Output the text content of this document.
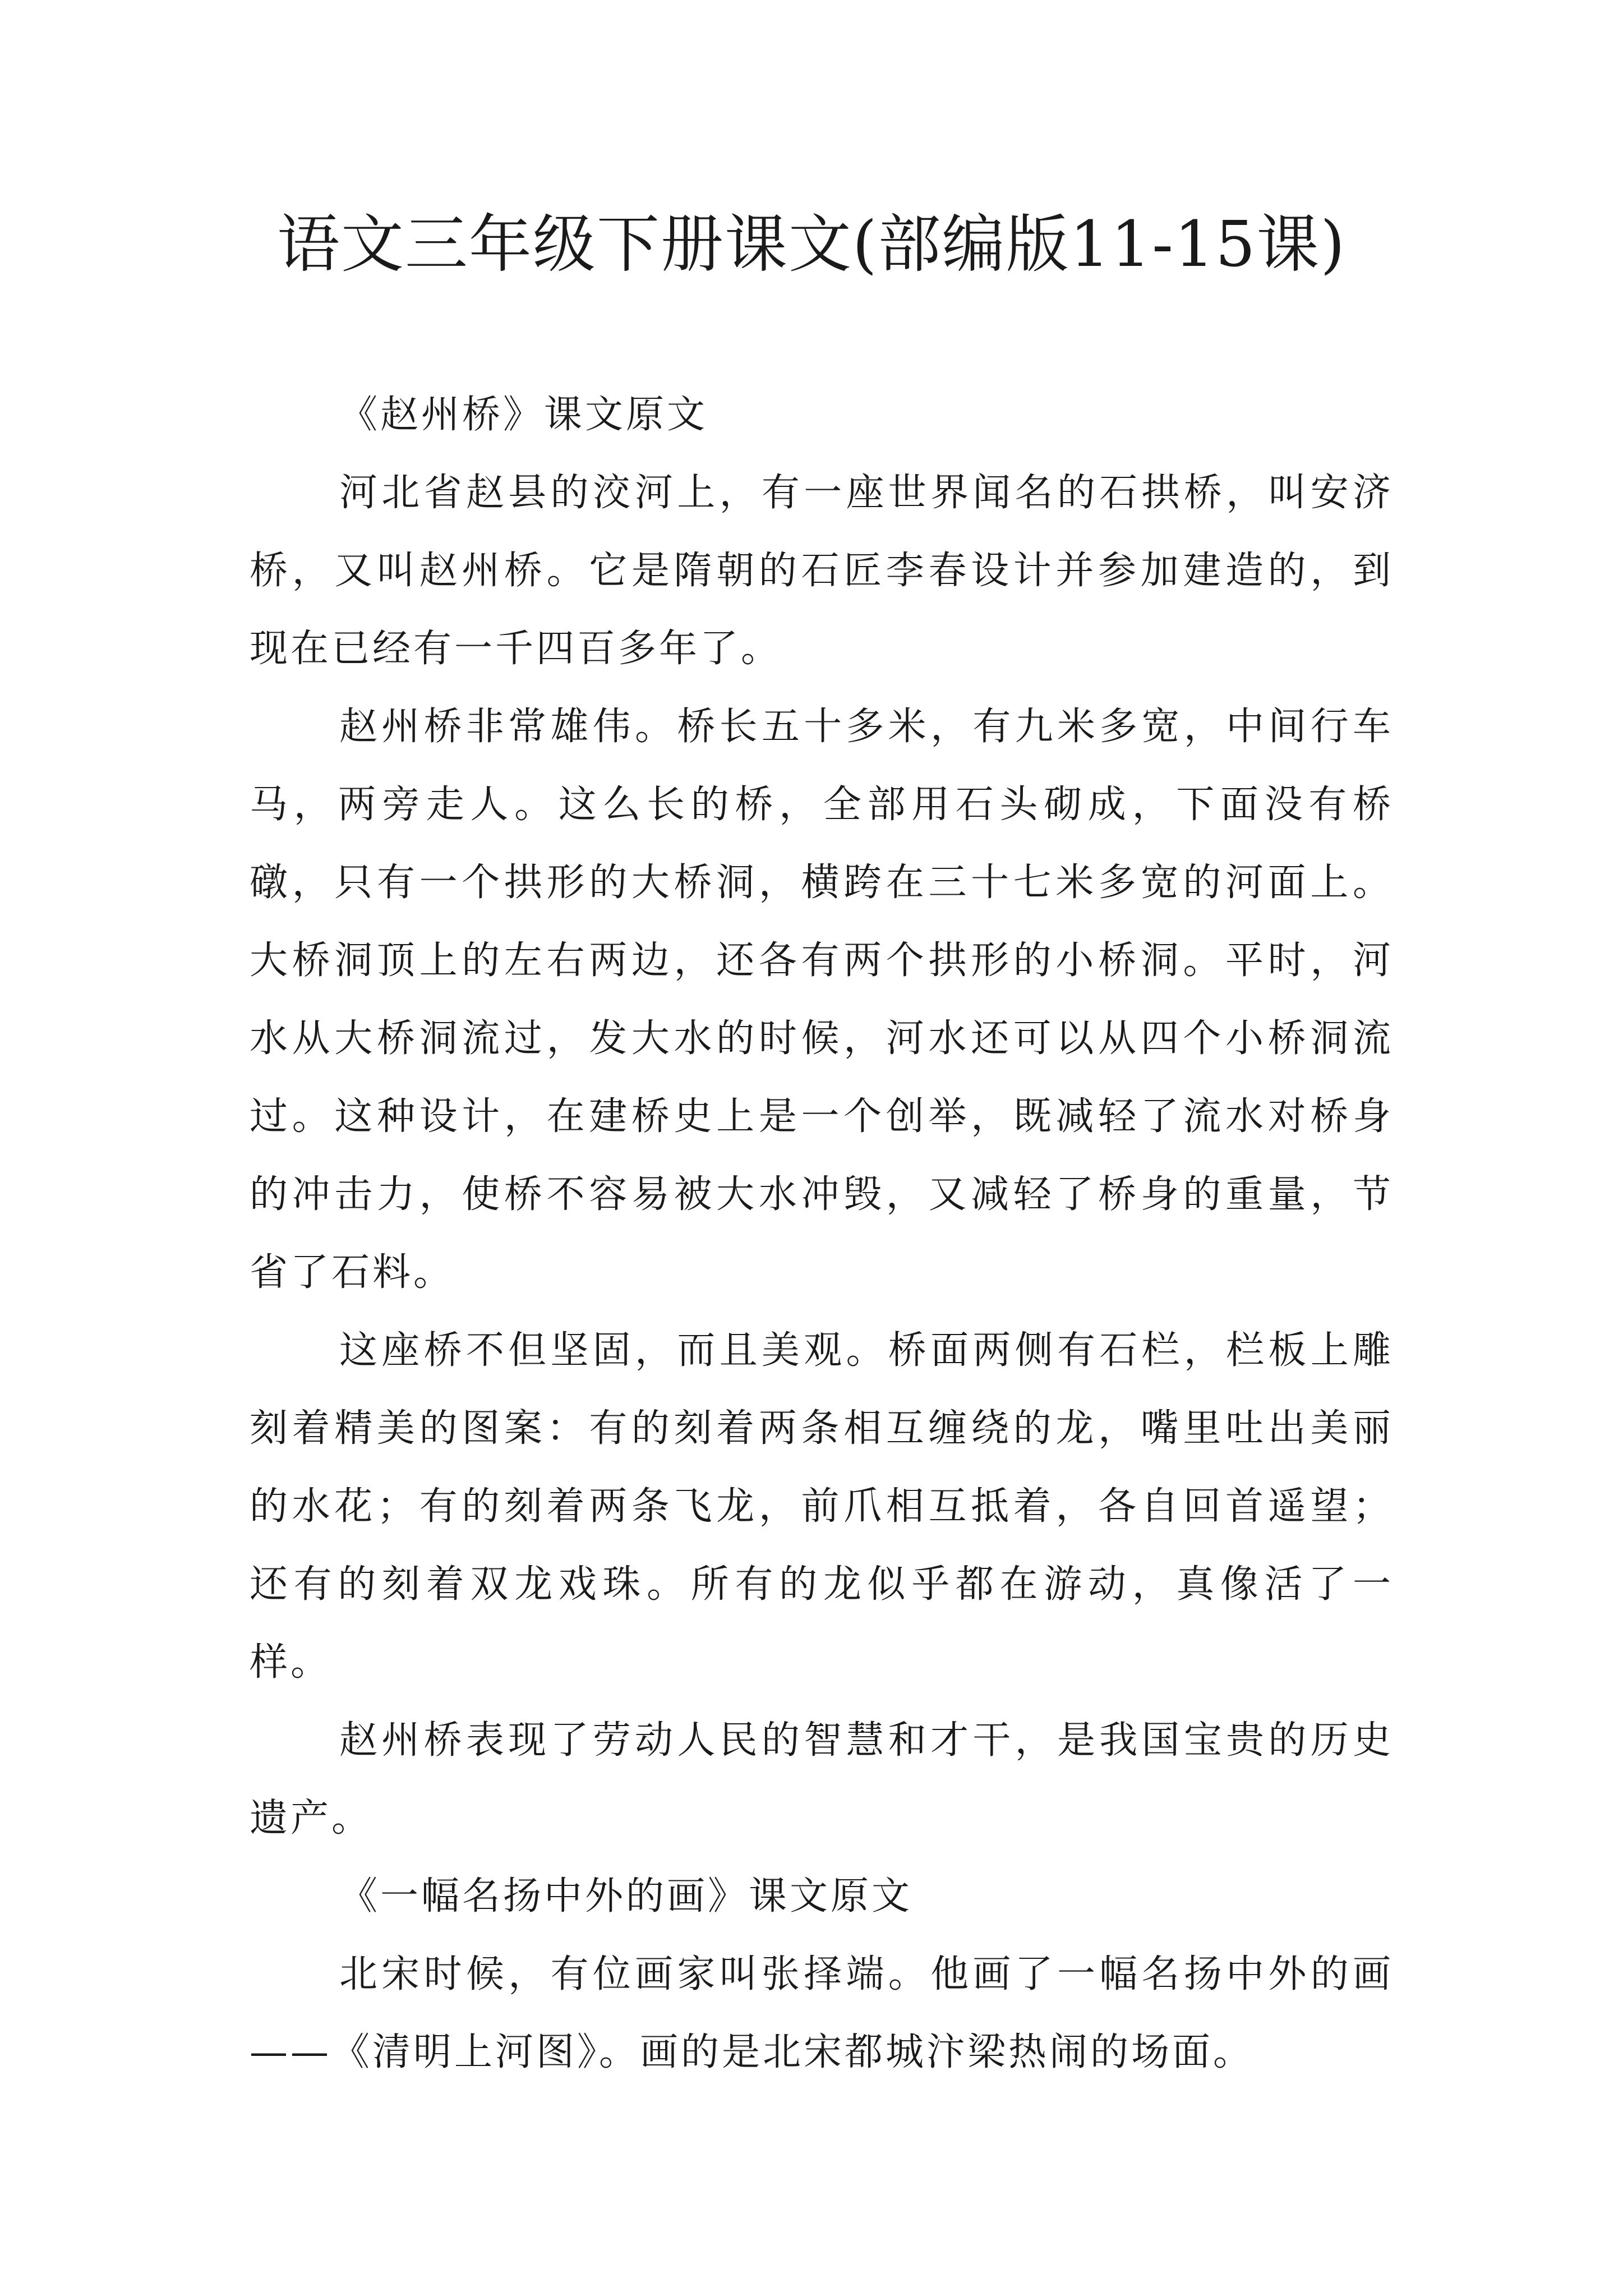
语文三年级下册课文(部编版11-15课)

《赵州桥》课文原文

河北省赵县的洨河上，有一座世界闻名的石拱桥，叫安济桥，又叫赵州桥。它是隋朝的石匠李春设计并参加建造的，到现在已经有一千四百多年了。

赵州桥非常雄伟。桥长五十多米，有九米多宽，中间行车马，两旁走人。这么长的桥，全部用石头砌成，下面没有桥礅，只有一个拱形的大桥洞，横跨在三十七米多宽的河面上。大桥洞顶上的左右两边，还各有两个拱形的小桥洞。平时，河水从大桥洞流过，发大水的时候，河水还可以从四个小桥洞流过。这种设计，在建桥史上是一个创举，既减轻了流水对桥身的冲击力，使桥不容易被大水冲毁，又减轻了桥身的重量，节省了石料。

这座桥不但坚固，而且美观。桥面两侧有石栏，栏板上雕刻着精美的图案：有的刻着两条相互缠绕的龙，嘴里吐出美丽的水花；有的刻着两条飞龙，前爪相互抵着，各自回首遥望；还有的刻着双龙戏珠。所有的龙似乎都在游动，真像活了一样。

赵州桥表现了劳动人民的智慧和才干，是我国宝贵的历史遗产。

《一幅名扬中外的画》课文原文

北宋时候，有位画家叫张择端。他画了一幅名扬中外的画——《清明上河图》。画的是北宋都城汴梁热闹的场面。
